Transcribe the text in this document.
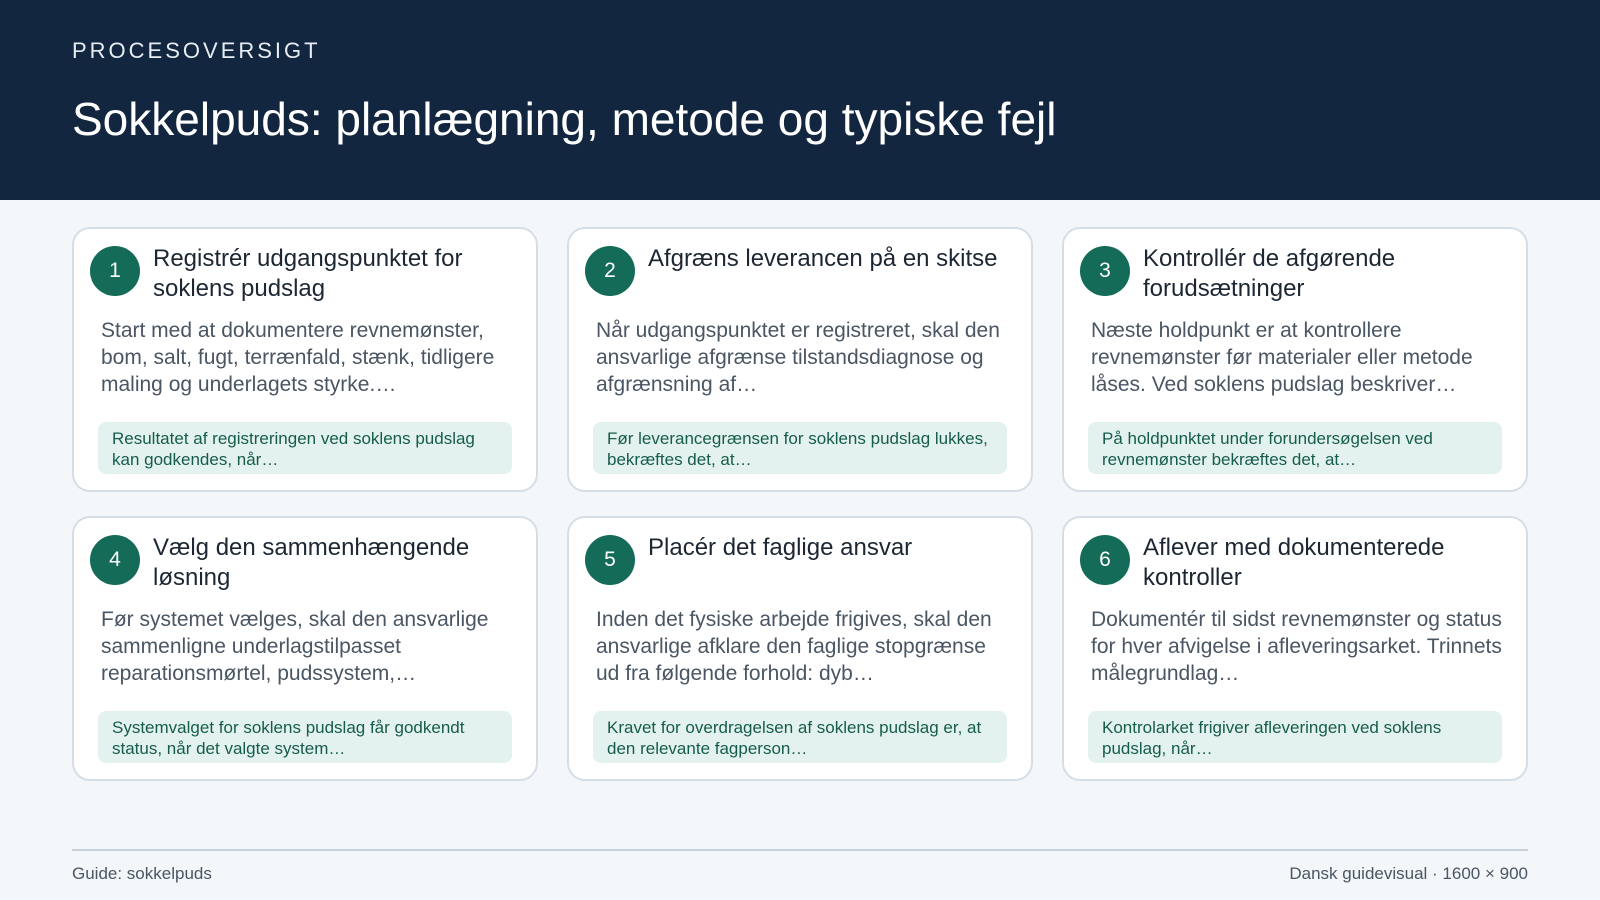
PROCESOVERSIGT
Sokkelpuds: planlægning, metode og typiske fejl
1	Registrér udgangspunktet for soklens pudslag
Start med at dokumentere revnemønster, bom, salt, fugt, terrænfald, stænk, tidligere maling og underlagets styrke.…
Resultatet af registreringen ved soklens pudslag kan godkendes, når…
2	Afgræns leverancen på en skitse
Når udgangspunktet er registreret, skal den ansvarlige afgrænse tilstandsdiagnose og afgrænsning af…
Før leverancegrænsen for soklens pudslag lukkes, bekræftes det, at…
3	Kontrollér de afgørende forudsætninger
Næste holdpunkt er at kontrollere revnemønster før materialer eller metode låses. Ved soklens pudslag beskriver…
På holdpunktet under forundersøgelsen ved revnemønster bekræftes det, at…
4	Vælg den sammenhængende løsning
Før systemet vælges, skal den ansvarlige sammenligne underlagstilpasset reparationsmørtel, pudssystem,…
Systemvalget for soklens pudslag får godkendt status, når det valgte system…
5	Placér det faglige ansvar
Inden det fysiske arbejde frigives, skal den ansvarlige afklare den faglige stopgrænse ud fra følgende forhold: dyb…
Kravet for overdragelsen af soklens pudslag er, at den relevante fagperson…
6	Aflever med dokumenterede kontroller
Dokumentér til sidst revnemønster og status for hver afvigelse i afleveringsarket. Trinnets målegrundlag…
Kontrolarket frigiver afleveringen ved soklens pudslag, når…
Guide: sokkelpuds	Dansk guidevisual · 1600 × 900
